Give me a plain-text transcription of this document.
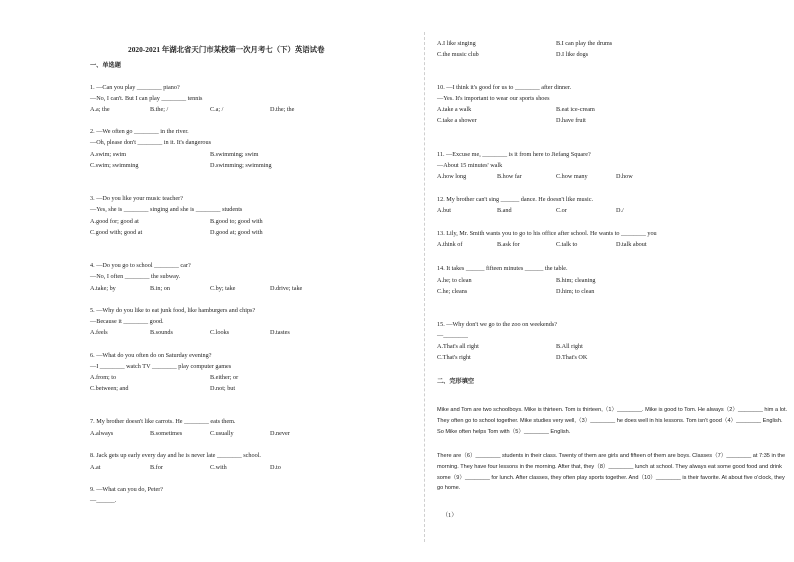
2020-2021 年湖北省天门市某校第一次月考七（下）英语试卷
一、单选题
1. —Can you play ________ piano?
—No, I can't. But I can play ________ tennis
A.a; the	B.the; /	C.a; /	D.the; the
2. —We often go ________ in the river.
—Oh, please don't ________ in it. It's dangerous
A.swim; swim	B.swimming; swim
C.swim; swimming	D.swimming; swimming
3. —Do you like your music teacher?
—Yes, she is ________ singing and she is ________ students
A.good for; good at	B.good to; good with
C.good with; good at	D.good at; good with
4. —Do you go to school ________ car?
—No, I often ________ the subway.
A.take; by	B.in; on	C.by; take	D.drive; take
5. —Why do you like to eat junk food, like hamburgers and chips?
—Because it ________ good.
A.feels	B.sounds	C.looks	D.tastes
6. —What do you often do on Saturday evening?
—I ________ watch TV ________ play computer games
A.from; to	B.either; or
C.between; and	D.not; but
7. My brother doesn't like carrots. He ________ eats them.
A.always	B.sometimes	C.usually	D.never
8. Jack gets up early every day and he is never late ________ school.
A.at	B.for	C.with	D.to
9. —What can you do, Peter?
—______.
A.I like singing	B.I can play the drums
C.the music club	D.I like dogs
10. —I think it's good for us to ________ after dinner.
—Yes. It's important to wear our sports shoes
A.take a walk	B.eat ice-cream
C.take a shower	D.have fruit
11. —Excuse me, ________ is it from here to Jiefang Square?
—About 15 minutes' walk
A.how long	B.how far	C.how many	D.how
12. My brother can't sing ______ dance. He doesn't like music.
A.but	B.and	C.or	D./
13. Lily, Mr. Smith wants you to go to his office after school. He wants to ________ you
A.think of	B.ask for	C.talk to	D.talk about
14. It takes ______ fifteen minutes ______ the table.
A.he; to clean	B.him; cleaning
C.he; cleans	D.him; to clean
15. —Why don't we go to the zoo on weekends?
—________
A.That's all right	B.All right
C.That's right	D.That's OK
二、完形填空
Mike and Tom are two schoolboys. Mike is thirteen. Tom is thirteen,（1）________. Mike is good to Tom. He always（2）________ him a lot. They often go to school together. Mike studies very well,（3）________ he does well in his lessons. Tom isn't good（4）________ English. So Mike often helps Tom with（5）________ English.
There are（6）________ students in their class. Twenty of them are girls and fifteen of them are boys. Classes（7）________ at 7:35 in the morning. They have four lessons in the morning. After that, they（8）________ lunch at school. They always eat some good food and drink some（9）________ for lunch. After classes, they often play sports together. And（10）________ is their favorite. At about five o'clock, they go home.
（1）
